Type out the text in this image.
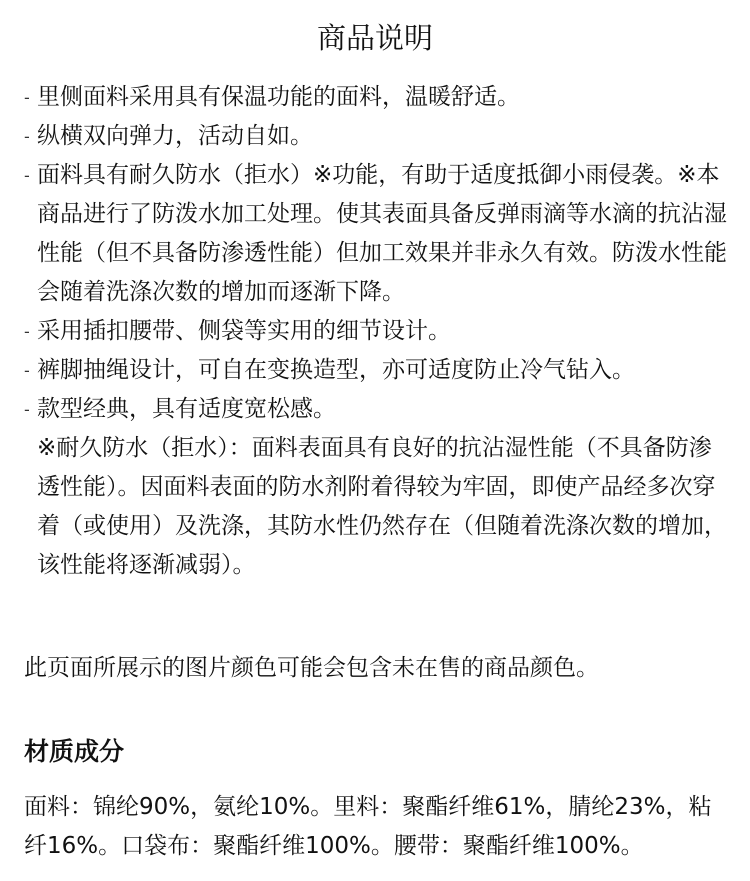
商品说明
- 里侧面料采用具有保温功能的面料，温暖舒适。
- 纵横双向弹力，活动自如。
- 面料具有耐久防水（拒水）※功能，有助于适度抵御小雨侵袭。※本商品进行了防泼水加工处理。使其表面具备反弹雨滴等水滴的抗沾湿性能（但不具备防渗透性能）但加工效果并非永久有效。防泼水性能会随着洗涤次数的增加而逐渐下降。
- 采用插扣腰带、侧袋等实用的细节设计。
- 裤脚抽绳设计，可自在变换造型，亦可适度防止冷气钻入。
- 款型经典，具有适度宽松感。
※耐久防水（拒水）：面料表面具有良好的抗沾湿性能（不具备防渗透性能）。因面料表面的防水剂附着得较为牢固，即使产品经多次穿着（或使用）及洗涤，其防水性仍然存在（但随着洗涤次数的增加，该性能将逐渐减弱）。
此页面所展示的图片颜色可能会包含未在售的商品颜色。
材质成分
面料：锦纶90%，氨纶10%。里料：聚酯纤维61%，腈纶23%，粘纤16%。口袋布：聚酯纤维100%。腰带：聚酯纤维100%。
